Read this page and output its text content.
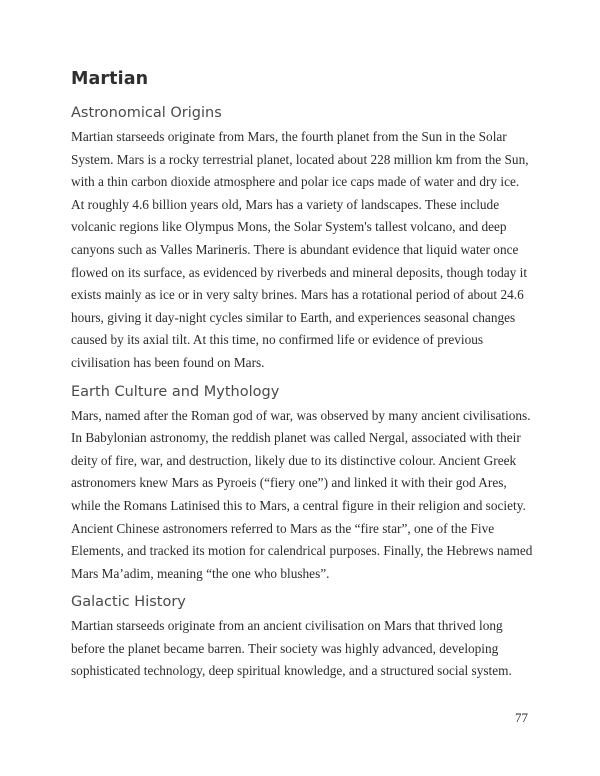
Martian
Astronomical Origins

Martian starseeds originate from Mars, the fourth planet from the Sun in the Solar System. Mars is a rocky terrestrial planet, located about 228 million km from the Sun, with a thin carbon dioxide atmosphere and polar ice caps made of water and dry ice. At roughly 4.6 billion years old, Mars has a variety of landscapes. These include volcanic regions like Olympus Mons, the Solar System's tallest volcano, and deep canyons such as Valles Marineris. There is abundant evidence that liquid water once flowed on its surface, as evidenced by riverbeds and mineral deposits, though today it exists mainly as ice or in very salty brines. Mars has a rotational period of about 24.6 hours, giving it day-night cycles similar to Earth, and experiences seasonal changes caused by its axial tilt. At this time, no confirmed life or evidence of previous civilisation has been found on Mars.

Earth Culture and Mythology

Mars, named after the Roman god of war, was observed by many ancient civilisations. In Babylonian astronomy, the reddish planet was called Nergal, associated with their deity of fire, war, and destruction, likely due to its distinctive colour. Ancient Greek astronomers knew Mars as Pyroeis (“fiery one”) and linked it with their god Ares, while the Romans Latinised this to Mars, a central figure in their religion and society. Ancient Chinese astronomers referred to Mars as the “fire star”, one of the Five Elements, and tracked its motion for calendrical purposes. Finally, the Hebrews named Mars Ma’adim, meaning “the one who blushes”.

Galactic History

Martian starseeds originate from an ancient civilisation on Mars that thrived long before the planet became barren. Their society was highly advanced, developing sophisticated technology, deep spiritual knowledge, and a structured social system.

77
